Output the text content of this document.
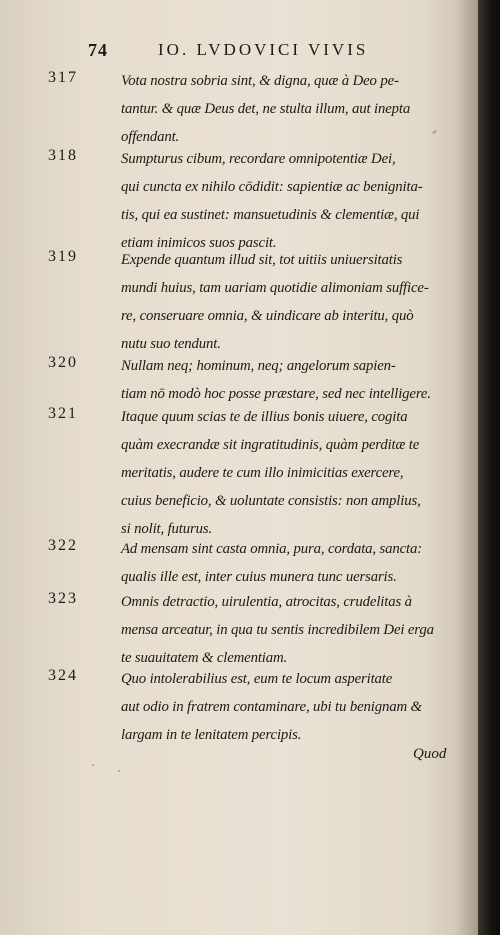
74	IO. LVDOVICI VIVIS
317	Vota nostra sobria sint, & digna, quæ à Deo pe-
tantur. & quæ Deus det, ne stulta illum, aut inepta
offendant.
318	Sumpturus cibum, recordare omnipotentiæ Dei,
qui cuncta ex nihilo cōdidit: sapientiæ ac benignita-
tis, qui ea sustinet: mansuetudinis & clementiæ, qui
etiam inimicos suos pascit.
319	Expende quantum illud sit, tot uitiis uniuersitatis
mundi huius, tam uariam quotidie alimoniam suffice-
re, conseruare omnia, & uindicare ab interitu, quò
nutu suo tendunt.
320	Nullam neq; hominum, neq; angelorum sapien-
tiam nō modò hoc posse præstare, sed nec intelligere.
321	Itaque quum scias te de illius bonis uiuere, cogita
quàm execrandæ sit ingratitudinis, quàm perditæ te
meritatis, audere te cum illo inimicitias exercere,
cuius beneficio, & uoluntate consistis: non amplius,
si nolit, futurus.
322	Ad mensam sint casta omnia, pura, cordata, sancta:
qualis ille est, inter cuius munera tunc uersaris.
323	Omnis detractio, uirulentia, atrocitas, crudelitas à
mensa arceatur, in qua tu sentis incredibilem Dei erga
te suauitatem & clementiam.
324	Quo intolerabilius est, eum te locum asperitate
aut odio in fratrem contaminare, ubi tu benignam &
largam in te lenitatem percipis.
Quod
